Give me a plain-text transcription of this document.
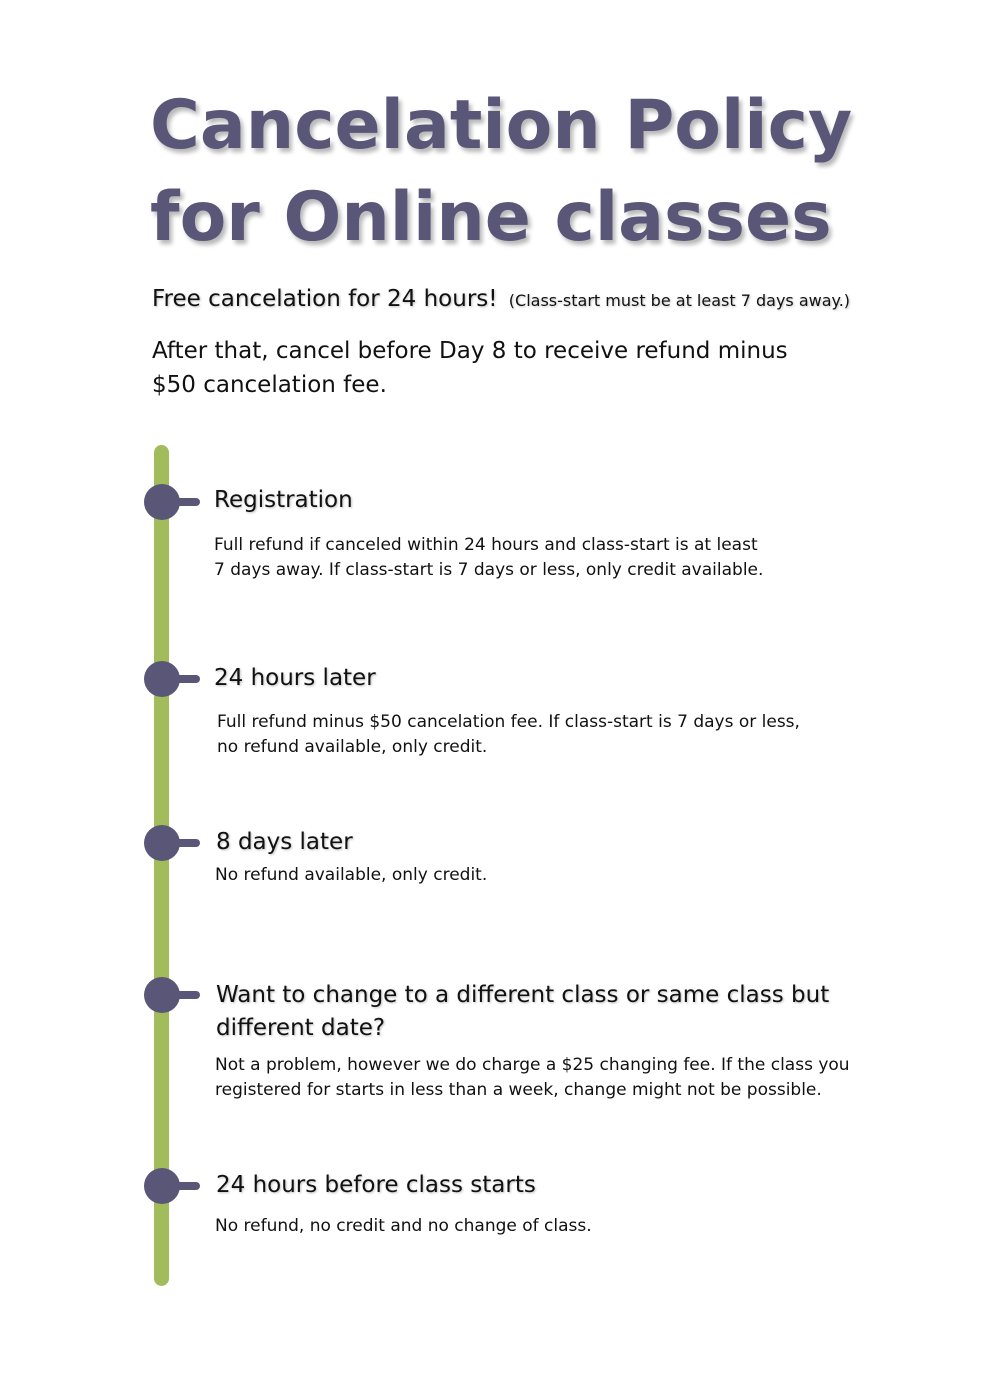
Cancelation Policy
for Online classes
Free cancelation for 24 hours! (Class-start must be at least 7 days away.)
After that, cancel before Day 8 to receive refund minus
$50 cancelation fee.
Registration
Full refund if canceled within 24 hours and class-start is at least
7 days away. If class-start is 7 days or less, only credit available.
24 hours later
Full refund minus $50 cancelation fee. If class-start is 7 days or less,
no refund available, only credit.
8 days later
No refund available, only credit.
Want to change to a different class or same class but
different date?
Not a problem, however we do charge a $25 changing fee. If the class you
registered for starts in less than a week, change might not be possible.
24 hours before class starts
No refund, no credit and no change of class.
